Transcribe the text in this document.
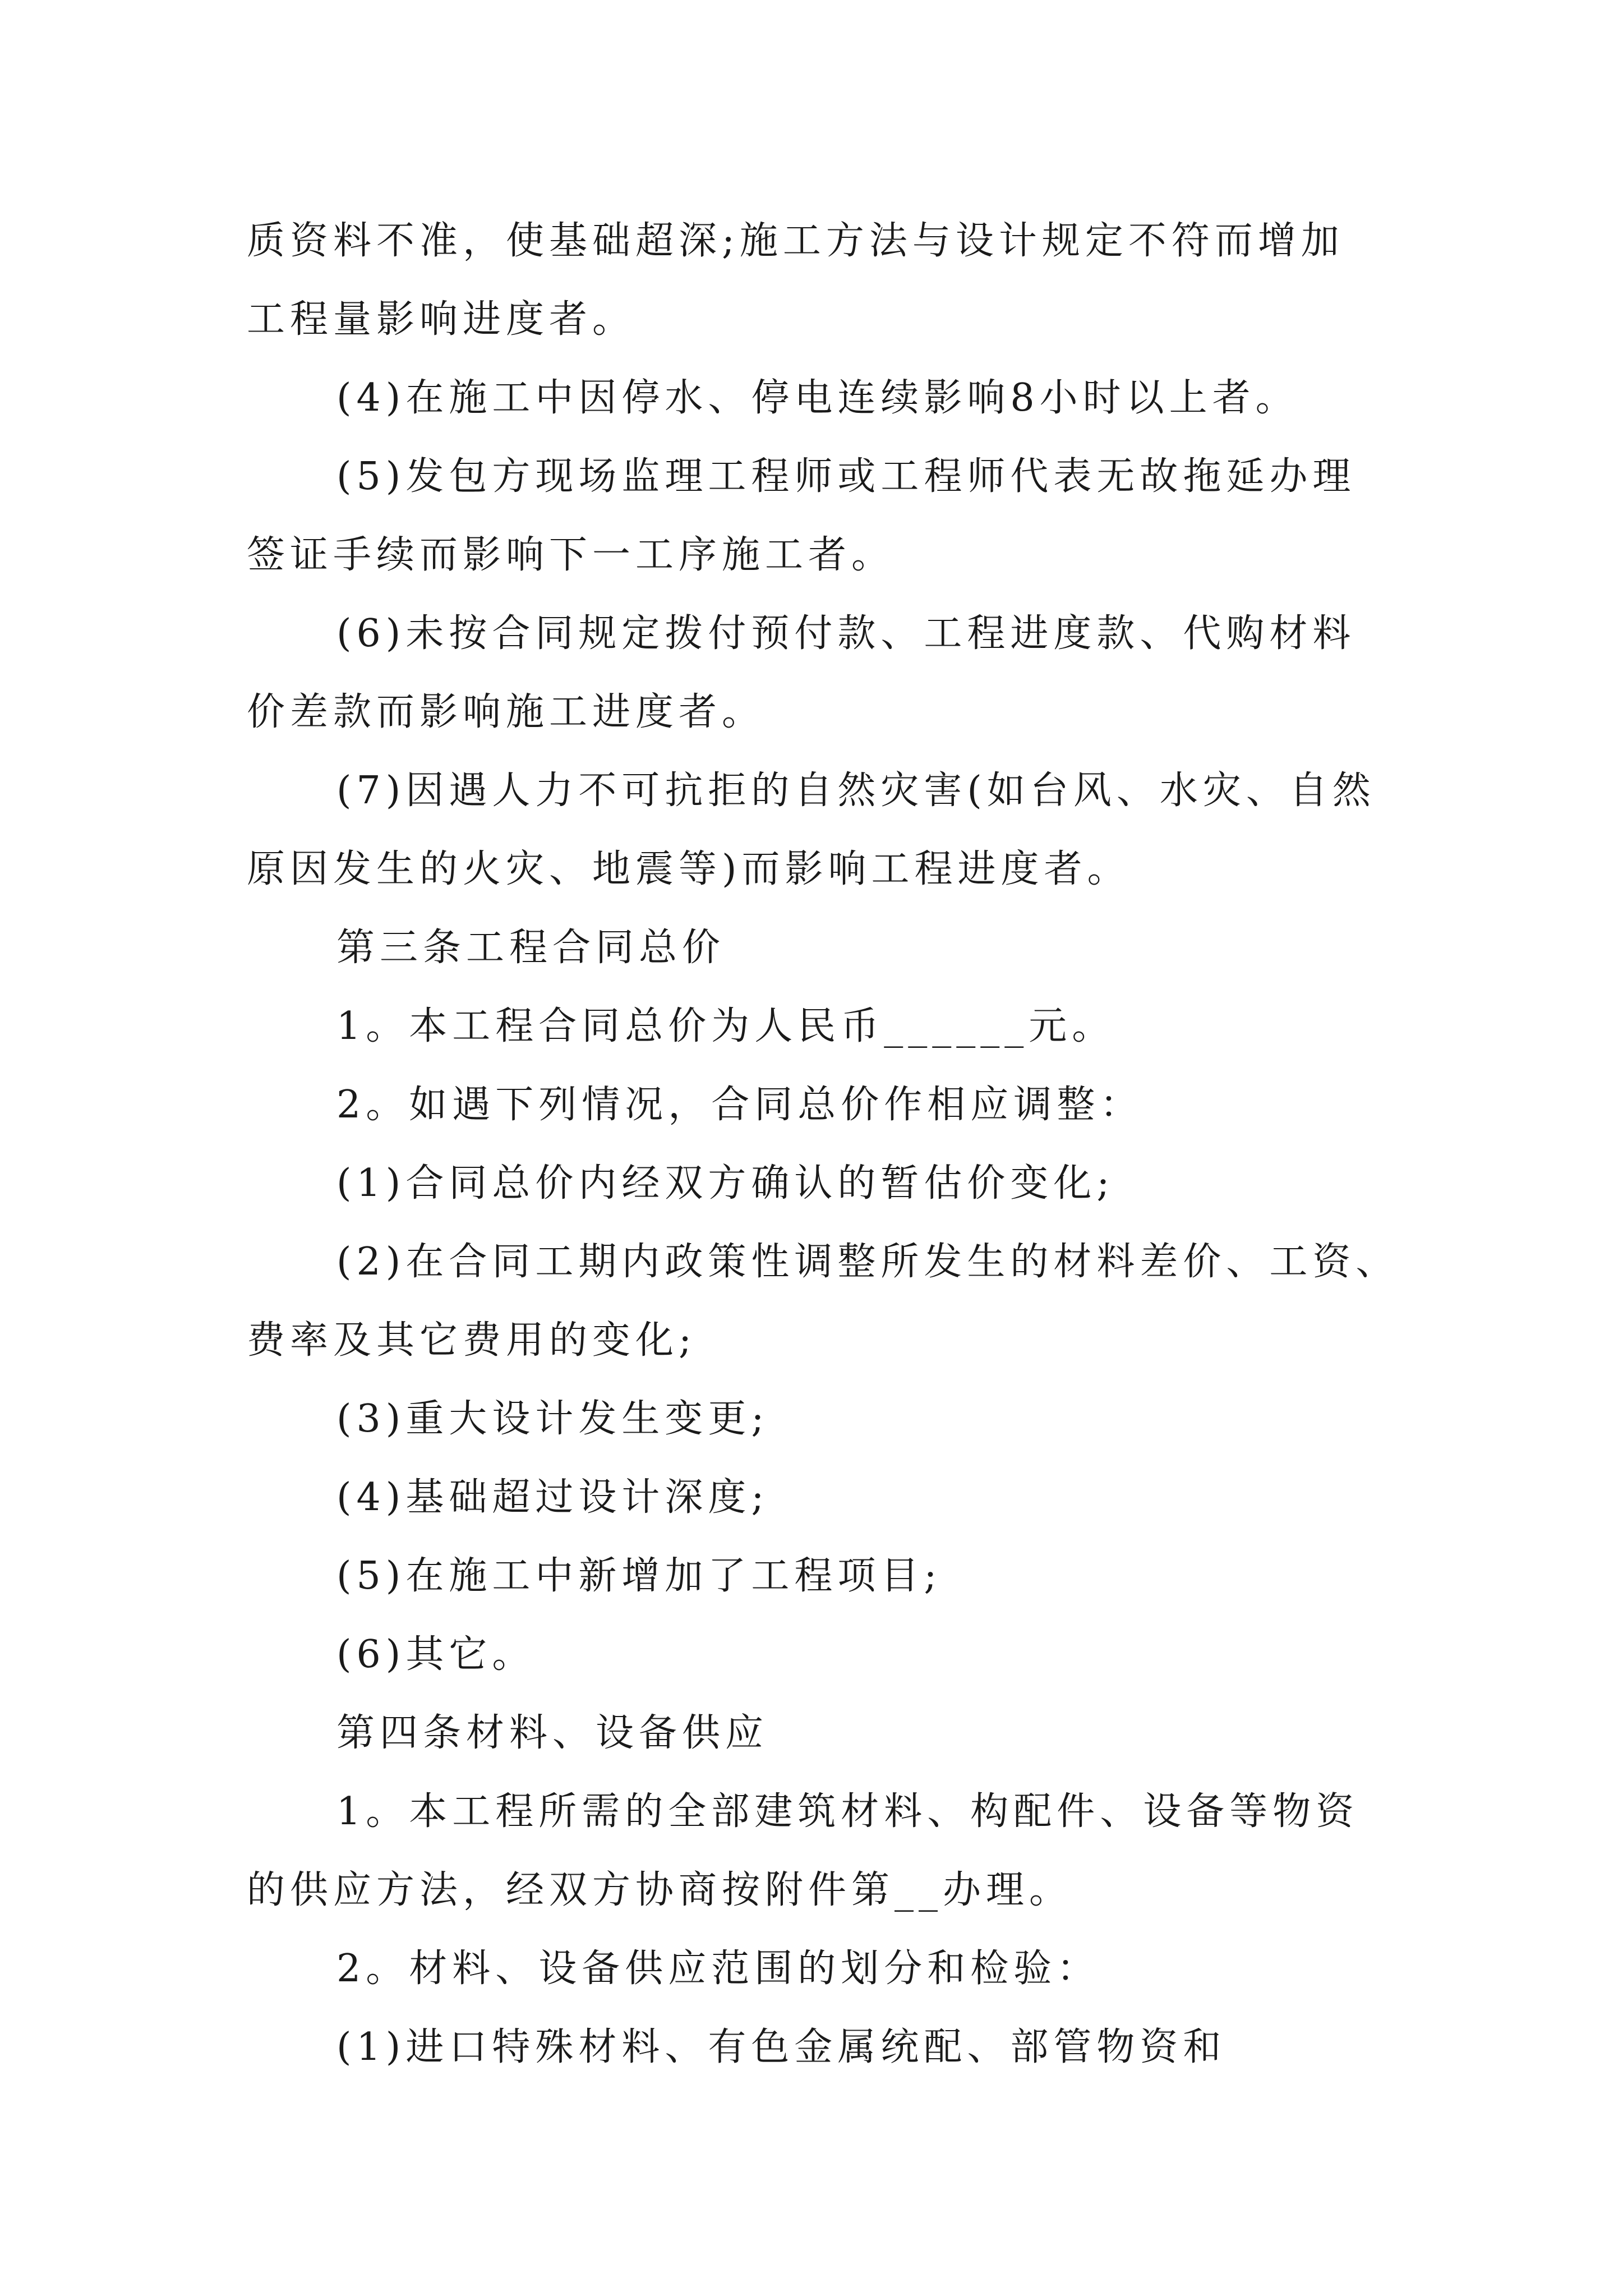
质资料不准，使基础超深;施工方法与设计规定不符而增加
工程量影响进度者。
(4)在施工中因停水、停电连续影响8小时以上者。
(5)发包方现场监理工程师或工程师代表无故拖延办理
签证手续而影响下一工序施工者。
(6)未按合同规定拨付预付款、工程进度款、代购材料
价差款而影响施工进度者。
(7)因遇人力不可抗拒的自然灾害(如台风、水灾、自然
原因发生的火灾、地震等)而影响工程进度者。
第三条工程合同总价
1。本工程合同总价为人民币______元。
2。如遇下列情况，合同总价作相应调整：
(1)合同总价内经双方确认的暂估价变化;
(2)在合同工期内政策性调整所发生的材料差价、工资、
费率及其它费用的变化;
(3)重大设计发生变更;
(4)基础超过设计深度;
(5)在施工中新增加了工程项目;
(6)其它。
第四条材料、设备供应
1。本工程所需的全部建筑材料、构配件、设备等物资
的供应方法，经双方协商按附件第__办理。
2。材料、设备供应范围的划分和检验：
(1)进口特殊材料、有色金属统配、部管物资和
